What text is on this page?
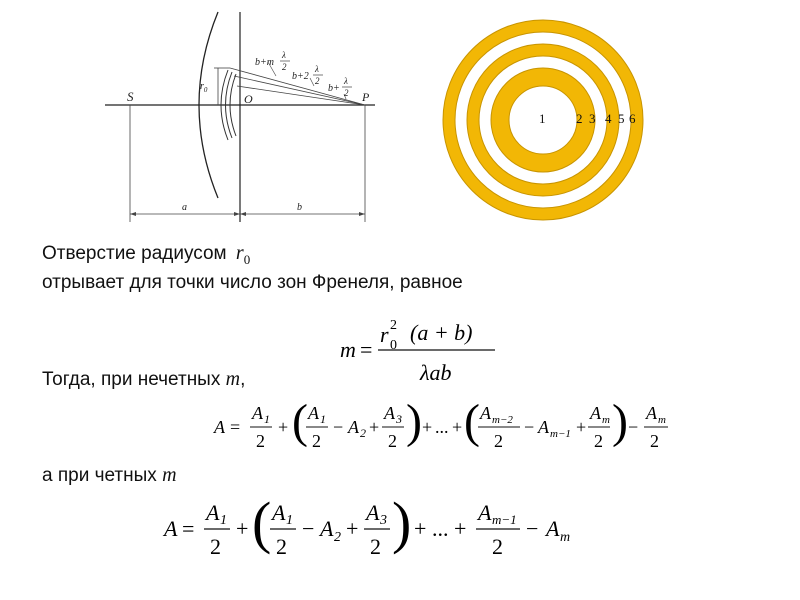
S	O	P
$r_0$
a	b
b+m
λ
2
b+2
λ
2
b+
λ
2
1 2 3 4 5 6
Отверстие радиусом $r_0$
отрывает для точки число зон Френеля, равное
m =
r 2
0
(a + b)
λab
Тогда, при нечетных m,
A =
A 1
2
+ ( A 1
2
− A 2 +
A 3
2 ) + ... + ( A m−2
2
− A m−1 +
A m
2 ) −
A m
2
а при четных m
A =
A 1
2
+ ( A 1
2
− A 2 +
A 3
2 ) + ... +
A m−1
2
− A m
